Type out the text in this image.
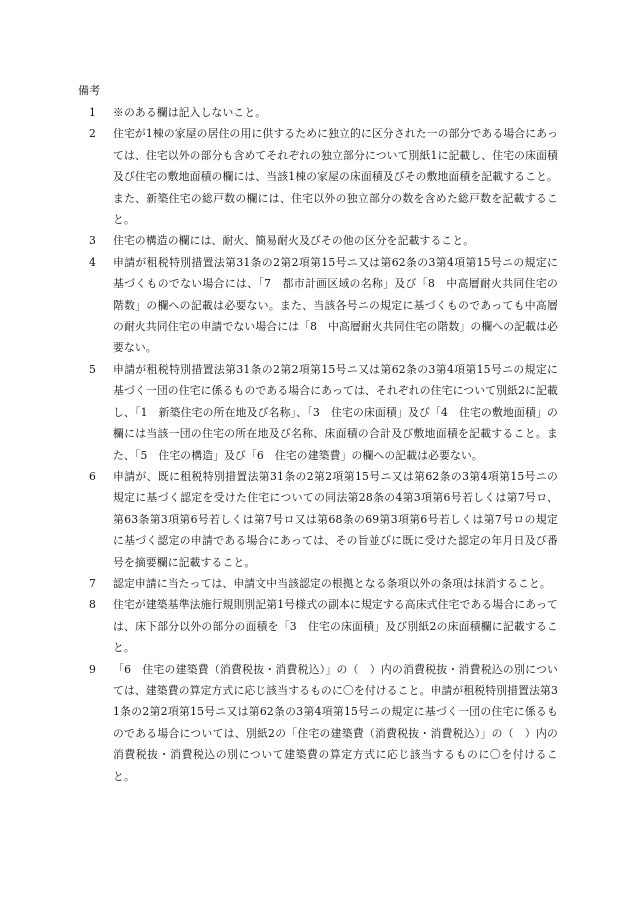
備考
1	※のある欄は記入しないこと。
2	住宅が1棟の家屋の居住の用に供するために独立的に区分された一の部分である場合にあっては、住宅以外の部分も含めてそれぞれの独立部分について別紙1に記載し、住宅の床面積及び住宅の敷地面積の欄には、当該1棟の家屋の床面積及びその敷地面積を記載すること。また、新築住宅の総戸数の欄には、住宅以外の独立部分の数を含めた総戸数を記載すること。
3	住宅の構造の欄には、耐火、簡易耐火及びその他の区分を記載すること。
4	申請が租税特別措置法第31条の2第2項第15号ニ又は第62条の3第4項第15号ニの規定に基づくものでない場合には、「7　都市計画区域の名称」及び「8　中高層耐火共同住宅の階数」の欄への記載は必要ない。また、当該各号ニの規定に基づくものであっても中高層の耐火共同住宅の申請でない場合には「8　中高層耐火共同住宅の階数」の欄への記載は必要ない。
5	申請が租税特別措置法第31条の2第2項第15号ニ又は第62条の3第4項第15号ニの規定に基づく一団の住宅に係るものである場合にあっては、それぞれの住宅について別紙2に記載し、「1　新築住宅の所在地及び名称」、「3　住宅の床面積」及び「4　住宅の敷地面積」の欄には当該一団の住宅の所在地及び名称、床面積の合計及び敷地面積を記載すること。また、「5　住宅の構造」及び「6　住宅の建築費」の欄への記載は必要ない。
6	申請が、既に租税特別措置法第31条の2第2項第15号ニ又は第62条の3第4項第15号ニの規定に基づく認定を受けた住宅についての同法第28条の4第3項第6号若しくは第7号ロ、第63条第3項第6号若しくは第7号ロ又は第68条の69第3項第6号若しくは第7号ロの規定に基づく認定の申請である場合にあっては、その旨並びに既に受けた認定の年月日及び番号を摘要欄に記載すること。
7	認定申請に当たっては、申請文中当該認定の根拠となる条項以外の条項は抹消すること。
8	住宅が建築基準法施行規則別記第1号様式の副本に規定する高床式住宅である場合にあっては、床下部分以外の部分の面積を「3　住宅の床面積」及び別紙2の床面積欄に記載すること。
9	「6　住宅の建築費（消費税抜・消費税込）」の（　）内の消費税抜・消費税込の別については、建築費の算定方式に応じ該当するものに〇を付けること。申請が租税特別措置法第31条の2第2項第15号ニ又は第62条の3第4項第15号ニの規定に基づく一団の住宅に係るものである場合については、別紙2の「住宅の建築費（消費税抜・消費税込）」の（　）内の消費税抜・消費税込の別について建築費の算定方式に応じ該当するものに〇を付けること。
